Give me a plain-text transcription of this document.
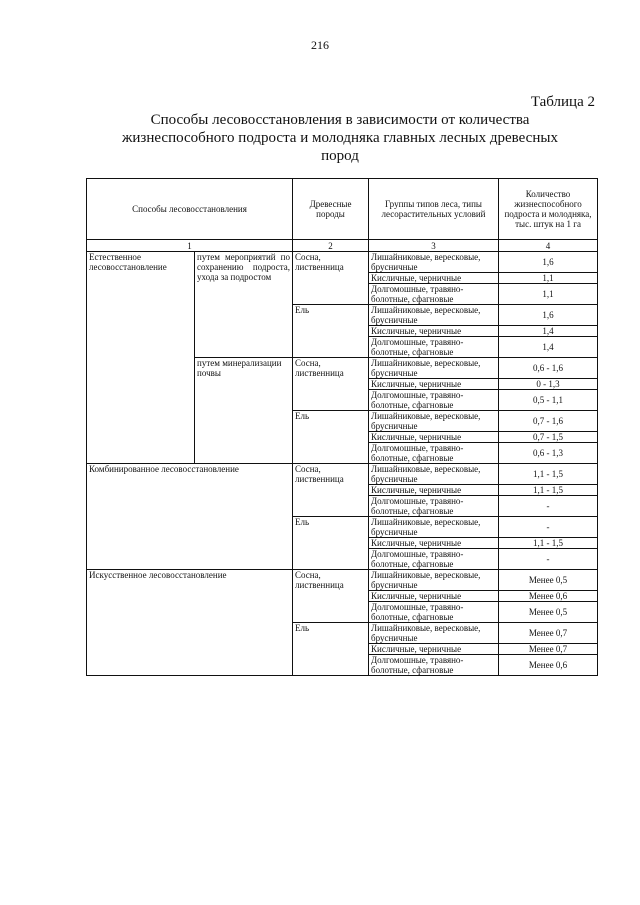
216
Таблица 2
Способы лесовосстановления в зависимости от количества жизнеспособного подроста и молодняка главных лесных древесных пород
Способы лесовосстановления		Древесные породы	Группы типов леса, типы лесорастительных условий	Количество жизнеспособного подроста и молодняка, тыс. штук на 1 га
1		2	3	4
Естественное лесовосстановление	путем мероприятий по сохранению подроста, ухода за подростом	Сосна, лиственница	Лишайниковые, вересковые, брусничные	1,6
			Кисличные, черничные	1,1
			Долгомошные, травяно-болотные, сфагновые	1,1
		Ель	Лишайниковые, вересковые, брусничные	1,6
			Кисличные, черничные	1,4
			Долгомошные, травяно-болотные, сфагновые	1,4
	путем минерализации почвы	Сосна, лиственница	Лишайниковые, вересковые, брусничные	0,6 - 1,6
			Кисличные, черничные	0 - 1,3
			Долгомошные, травяно-болотные, сфагновые	0,5 - 1,1
		Ель	Лишайниковые, вересковые, брусничные	0,7 - 1,6
			Кисличные, черничные	0,7 - 1,5
			Долгомошные, травяно-болотные, сфагновые	0,6 - 1,3
Комбинированное лесовосстановление		Сосна, лиственница	Лишайниковые, вересковые, брусничные	1,1 - 1,5
			Кисличные, черничные	1,1 - 1,5
			Долгомошные, травяно-болотные, сфагновые	-
		Ель	Лишайниковые, вересковые, брусничные	-
			Кисличные, черничные	1,1 - 1,5
			Долгомошные, травяно-болотные, сфагновые	-
Искусственное лесовосстановление		Сосна, лиственница	Лишайниковые, вересковые, брусничные	Менее 0,5
			Кисличные, черничные	Менее 0,6
			Долгомошные, травяно-болотные, сфагновые	Менее 0,5
		Ель	Лишайниковые, вересковые, брусничные	Менее 0,7
			Кисличные, черничные	Менее 0,7
			Долгомошные, травяно-болотные, сфагновые	Менее 0,6
